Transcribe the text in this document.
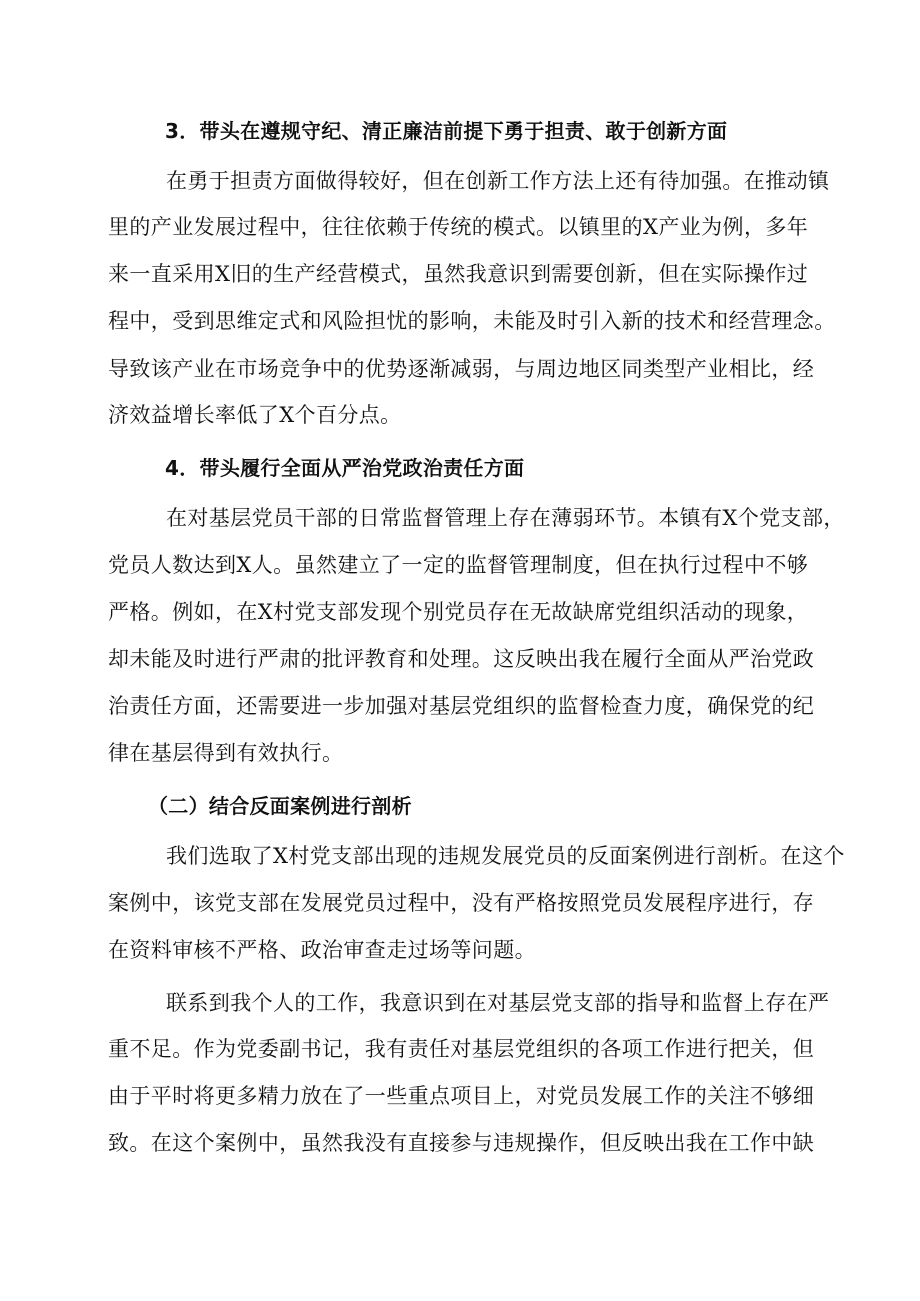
3．带头在遵规守纪、清正廉洁前提下勇于担责、敢于创新方面
在勇于担责方面做得较好，但在创新工作方法上还有待加强。在推动镇
里的产业发展过程中，往往依赖于传统的模式。以镇里的X产业为例，多年
来一直采用X旧的生产经营模式，虽然我意识到需要创新，但在实际操作过
程中，受到思维定式和风险担忧的影响，未能及时引入新的技术和经营理念。
导致该产业在市场竞争中的优势逐渐减弱，与周边地区同类型产业相比，经
济效益增长率低了X个百分点。
4．带头履行全面从严治党政治责任方面
在对基层党员干部的日常监督管理上存在薄弱环节。本镇有X个党支部，
党员人数达到X人。虽然建立了一定的监督管理制度，但在执行过程中不够
严格。例如，在X村党支部发现个别党员存在无故缺席党组织活动的现象，
却未能及时进行严肃的批评教育和处理。这反映出我在履行全面从严治党政
治责任方面，还需要进一步加强对基层党组织的监督检查力度，确保党的纪
律在基层得到有效执行。
（二）结合反面案例进行剖析
我们选取了X村党支部出现的违规发展党员的反面案例进行剖析。在这个
案例中，该党支部在发展党员过程中，没有严格按照党员发展程序进行，存
在资料审核不严格、政治审查走过场等问题。
联系到我个人的工作，我意识到在对基层党支部的指导和监督上存在严
重不足。作为党委副书记，我有责任对基层党组织的各项工作进行把关，但
由于平时将更多精力放在了一些重点项目上，对党员发展工作的关注不够细
致。在这个案例中，虽然我没有直接参与违规操作，但反映出我在工作中缺
